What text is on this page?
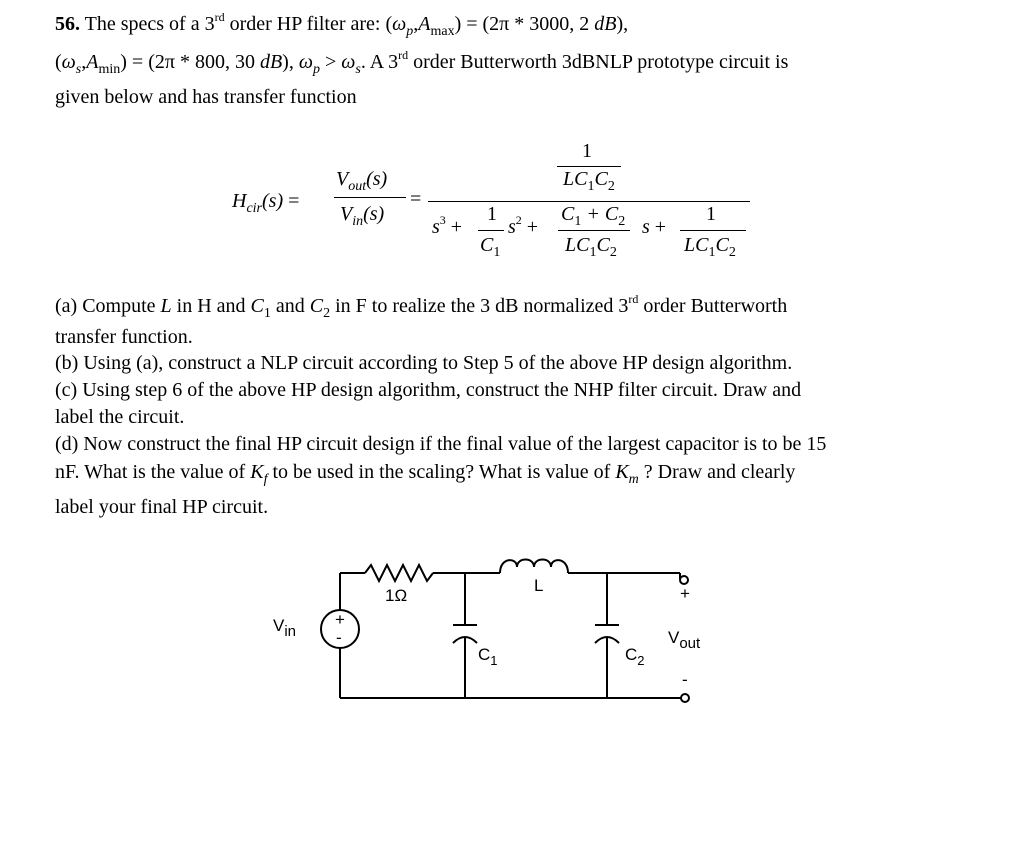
56. The specs of a 3rd order HP filter are: $(\omega_p,A_{max}) = (2\pi * 3000$, 2 dB),
$(\omega_s,A_{min}) = (2\pi * 800$, 30 dB), $\omega_p > \omega_s$. A 3rd order Butterworth 3dBNLP prototype circuit is
given below and has transfer function
$H_{cir}(s)$ =
$V_{out}(s)$
$V_{in}(s)$
=
1
$LC_1C_2$
$s^3$ +
1
$C_1$
$s^2$ +
$C_1 + C_2$
$LC_1C_2$
s +
1
$LC_1C_2$
(a) Compute L in H and $C_1$ and $C_2$ in F to realize the 3 dB normalized 3rd order Butterworth
transfer function.
(b) Using (a), construct a NLP circuit according to Step 5 of the above HP design algorithm.
(c) Using step 6 of the above HP design algorithm, construct the NHP filter circuit. Draw and
label the circuit.
(d) Now construct the final HP circuit design if the final value of the largest capacitor is to be 15
nF. What is the value of $K_f$ to be used in the scaling? What is value of $K_m$ ? Draw and clearly
label your final HP circuit.
1Ω
L
$C_1$	$C_2$
Vin	Vout
+
-
+
-
